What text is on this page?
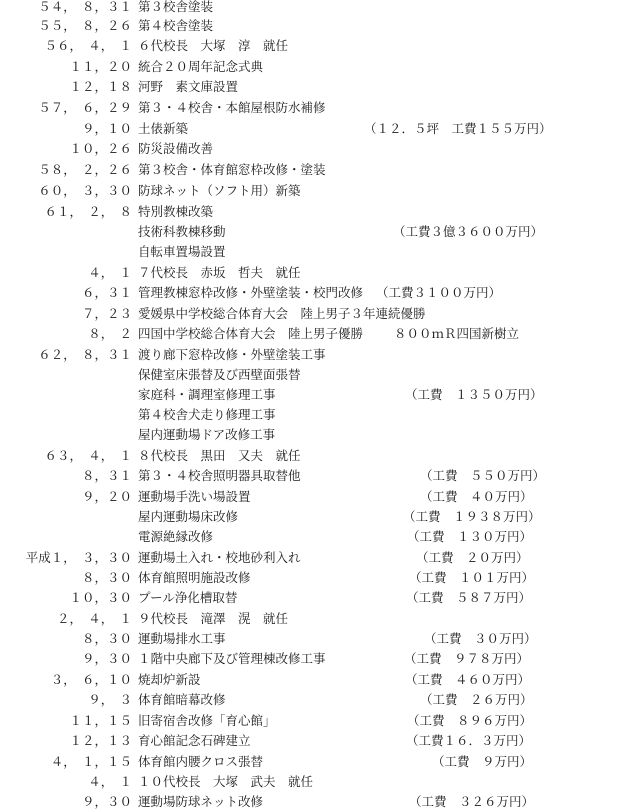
５４，　８，３１ 第３校舎塗装
５５，　８，２６ 第４校舎塗装
５６，　４，　１ ６代校長　大塚　淳　就任
１１，２０ 統合２０周年記念式典
１２，１８ 河野　素文庫設置
５７，　６，２９ 第３・４校舎・本館屋根防水補修
９，１０ 土俵新築	（１２．５坪　工費１５５万円）
１０，２６ 防災設備改善
５８，　２，２６ 第３校舎・体育館窓枠改修・塗装
６０，　３，３０ 防球ネット（ソフト用）新築
６１，　２，　８ 特別教棟改築
技術科教棟移動	（工費３億３６００万円）
自転車置場設置
４，　１ ７代校長　赤坂　哲夫　就任
６，３１ 管理教棟窓枠改修・外壁塗装・校門改修 （工費３１００万円）
７，２３ 愛媛県中学校総合体育大会　陸上男子３年連続優勝
８，　２ 四国中学校総合体育大会　陸上男子優勝 ８００ｍＲ四国新樹立
６２，　８，３１ 渡り廊下窓枠改修・外壁塗装工事
保健室床張替及び西壁面張替
家庭科・調理室修理工事	（工費　１３５０万円）
第４校舎犬走り修理工事
屋内運動場ドア改修工事
６３，　４，　１ ８代校長　黒田　又夫　就任
８，３１ 第３・４校舎照明器具取替他	（工費　５５０万円）
９，２０ 運動場手洗い場設置	（工費　４０万円）
屋内運動場床改修	（工費　１９３８万円）
電源絶縁改修	（工費　１３０万円）
平成１，　３，３０ 運動場土入れ・校地砂利入れ	（工費　２０万円）
８，３０ 体育館照明施設改修	（工費　１０１万円）
１０，３０ プール浄化槽取替	（工費　５８７万円）
２，　４，　１ ９代校長　滝澤　滉　就任
８，３０ 運動場排水工事	（工費　３０万円）
９，３０ １階中央廊下及び管理棟改修工事	（工費　９７８万円）
３，　６，１０ 焼却炉新設	（工費　４６０万円）
９，　３ 体育館暗幕改修	（工費　２６万円）
１１，１５ 旧寄宿舎改修「育心館」	（工費　８９６万円）
１２，１３ 育心館記念石碑建立	（工費１６．３万円）
４，　１，１５ 体育館内腰クロス張替	（工費　９万円）
４，　１ １０代校長　大塚　武夫　就任
９，３０ 運動場防球ネット改修	（工費　３２６万円）
